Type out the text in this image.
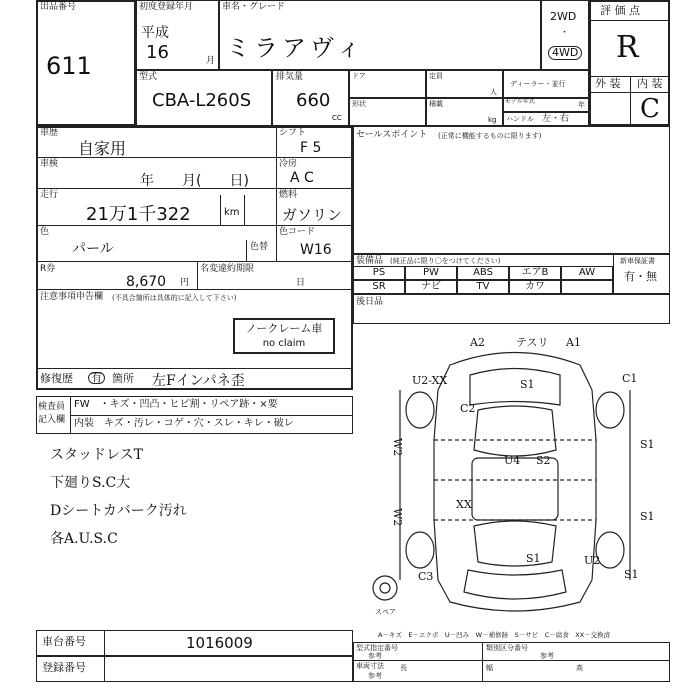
出品番号
611
初度登録年月
平成
16	月
車名・グレード
ミラアヴィ
2WD
・
4WD
評 価 点
R
外 装 内 装
C
型式
CBA-L260S
排気量
660
CC
ドア	定員
人
ディーラー・並行
形状	積載
kg
モデル年式	年
ハンドル 左・右
車歴
自家用
シフト
F 5
車検
年　　月(　　日)
冷房
A C
走行
21万1千322	km
燃料
ガソリン
色
パール	色替
色コード
W16
R券
8,670 円
名変違約期限
日
注意事項申告欄 (不具合箇所は具体的に記入して下さい)
ノークレーム車
no claim
修復歴 有 箇所 左Fインパネ歪
セールスポイント (正常に機能するものに限ります)
装備品 (純正品に限り〇をつけてください)	新車保証書
有・無
PS	PW	ABS	エアB	AW
SR	ナビ	TV	カワ
後日品
検査員
記入欄
FW　・キズ・凹凸・ヒビ割・リペア跡・×要
内装　キズ・汚レ・コゲ・穴・スレ・キレ・破レ
スタッドレスT
下廻りS.C大
Dシートカバーク汚れ
各A.U.S.C
A2	テスリ A1
U2-XX	S1	C1
C2
W2
W2
U4 S2
S1
XX
S1
S1	U2
C3	S1
スペア
A－キズ　E－エクボ　U－凹み　W－補修跡　S－サビ　C－腐食　XX－交換済
車台番号	1016009
登録番号
型式指定番号
参考
類別区分番号
参考
車両寸法
参考
長	幅	高
